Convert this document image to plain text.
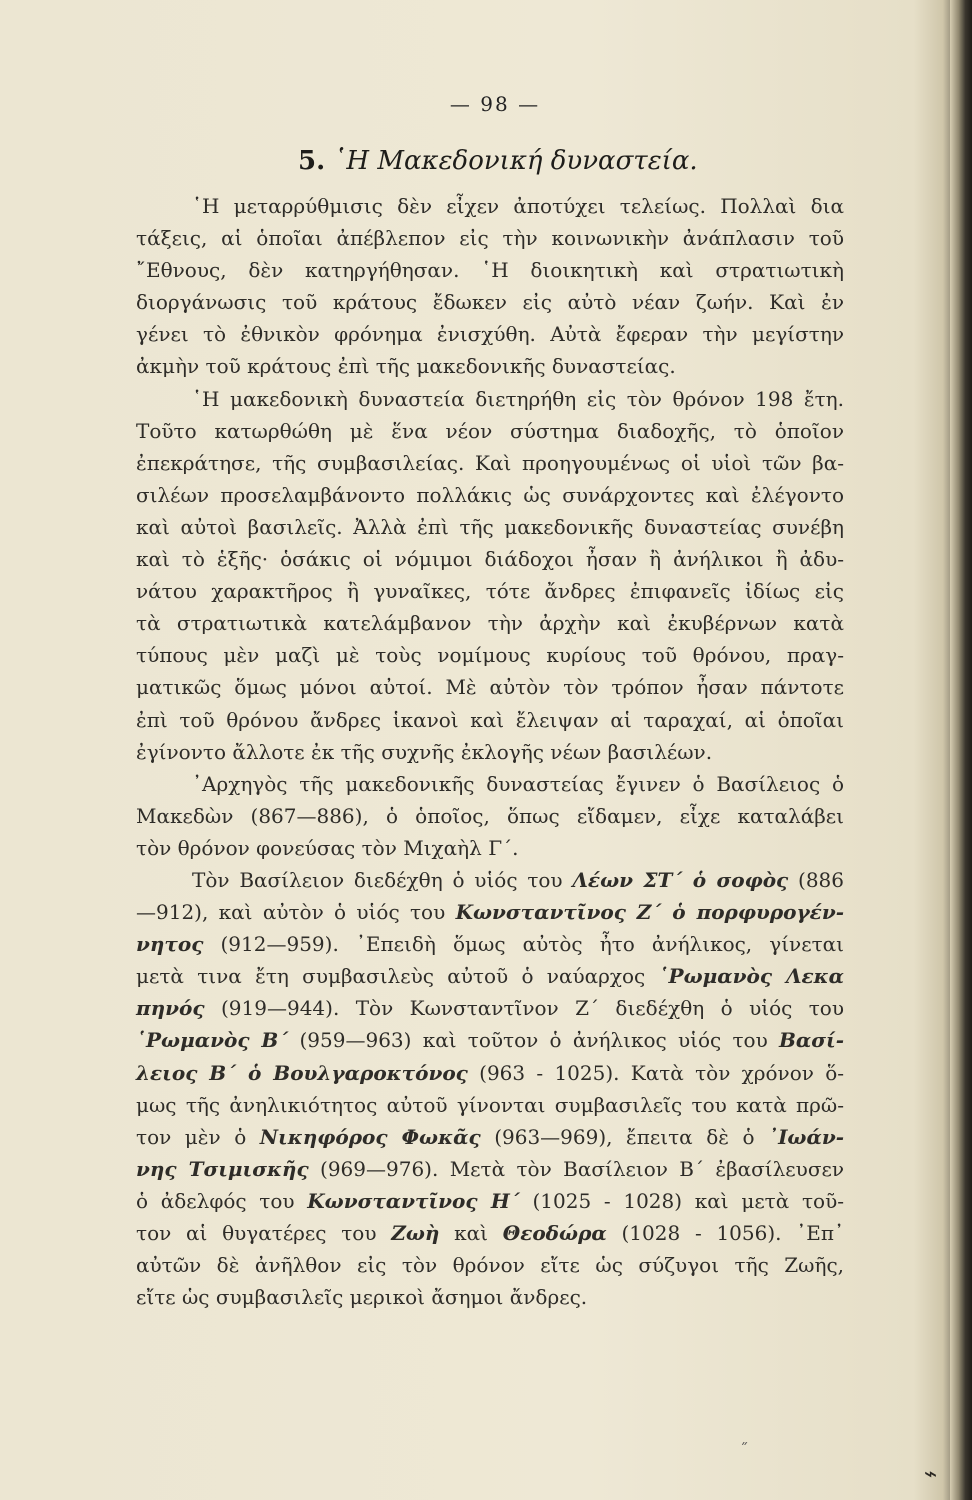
— 98 —
5. ῾Η Μακεδονική δυναστεία.
῾Η μεταρρύθμισις δὲν εἶχεν ἀποτύχει τελείως. Πολλαὶ δια
τάξεις, αἱ ὁποῖαι ἀπέβλεπον εἰς τὴν κοινωνικὴν ἀνάπλασιν τοῦ
῎Εθνους, δὲν κατηργήθησαν. ῾Η διοικητικὴ καὶ στρατιωτικὴ
διοργάνωσις τοῦ κράτους ἔδωκεν εἰς αὐτὸ νέαν ζωήν. Καὶ ἐν
γένει τὸ ἐθνικὸν φρόνημα ἐνισχύθη. Αὐτὰ ἔφεραν τὴν μεγίστην
ἀκμὴν τοῦ κράτους ἐπὶ τῆς μακεδονικῆς δυναστείας.
῾Η μακεδονικὴ δυναστεία διετηρήθη εἰς τὸν θρόνον 198 ἔτη.
Τοῦτο κατωρθώθη μὲ ἕνα νέον σύστημα διαδοχῆς, τὸ ὁποῖον
ἐπεκράτησε, τῆς συμβασιλείας. Καὶ προηγουμένως οἱ υἱοὶ τῶν βα-
σιλέων προσελαμβάνοντο πολλάκις ὡς συνάρχοντες καὶ ἐλέγοντο
καὶ αὐτοὶ βασιλεῖς. Ἀλλὰ ἐπὶ τῆς μακεδονικῆς δυναστείας συνέβη
καὶ τὸ ἑξῆς· ὁσάκις οἱ νόμιμοι διάδοχοι ἦσαν ἢ ἀνήλικοι ἢ ἀδυ-
νάτου χαρακτῆρος ἢ γυναῖκες, τότε ἄνδρες ἐπιφανεῖς ἰδίως εἰς
τὰ στρατιωτικὰ κατελάμβανον τὴν ἀρχὴν καὶ ἐκυβέρνων κατὰ
τύπους μὲν μαζὶ μὲ τοὺς νομίμους κυρίους τοῦ θρόνου, πραγ-
ματικῶς ὅμως μόνοι αὐτοί. Μὲ αὐτὸν τὸν τρόπον ἦσαν πάντοτε
ἐπὶ τοῦ θρόνου ἄνδρες ἱκανοὶ καὶ ἔλειψαν αἱ ταραχαί, αἱ ὁποῖαι
ἐγίνοντο ἄλλοτε ἐκ τῆς συχνῆς ἐκλογῆς νέων βασιλέων.
᾿Αρχηγὸς τῆς μακεδονικῆς δυναστείας ἔγινεν ὁ Βασίλειος ὁ
Μακεδὼν (867—886), ὁ ὁποῖος, ὅπως εἴδαμεν, εἶχε καταλάβει
τὸν θρόνον φονεύσας τὸν Μιχαὴλ Γ΄.
Τὸν Βασίλειον διεδέχθη ὁ υἱός του Λέων ΣΤ΄ ὁ σοφὸς (886
—912), καὶ αὐτὸν ὁ υἱός του Κωνσταντῖνος Ζ΄ ὁ πορφυρογέν-
νητος (912—959). ᾿Επειδὴ ὅμως αὐτὸς ἦτο ἀνήλικος, γίνεται
μετὰ τινα ἔτη συμβασιλεὺς αὐτοῦ ὁ ναύαρχος ῾Ρωμανὸς Λεκα
πηνός (919—944). Τὸν Κωνσταντῖνον Ζ΄ διεδέχθη ὁ υἱός του
῾Ρωμανὸς Β΄ (959—963) καὶ τοῦτον ὁ ἀνήλικος υἱός του Βασί-
λειος Β΄ ὁ Βουλγαροκτόνος (963 - 1025). Κατὰ τὸν χρόνον ὅ-
μως τῆς ἀνηλικιότητος αὐτοῦ γίνονται συμβασιλεῖς του κατὰ πρῶ-
τον μὲν ὁ Νικηφόρος Φωκᾶς (963—969), ἔπειτα δὲ ὁ ᾿Ιωάν-
νης Τσιμισκῆς (969—976). Μετὰ τὸν Βασίλειον Β΄ ἐβασίλευσεν
ὁ ἀδελφός του Κωνσταντῖνος Η΄ (1025 - 1028) καὶ μετὰ τοῦ-
τον αἱ θυγατέρες του Ζωὴ καὶ Θεοδώρα (1028 - 1056). ᾿Επ᾿
αὐτῶν δὲ ἀνῆλθον εἰς τὸν θρόνον εἴτε ὡς σύζυγοι τῆς Ζωῆς,
εἴτε ὡς συμβασιλεῖς μερικοὶ ἄσημοι ἄνδρες.
˝
⌁
